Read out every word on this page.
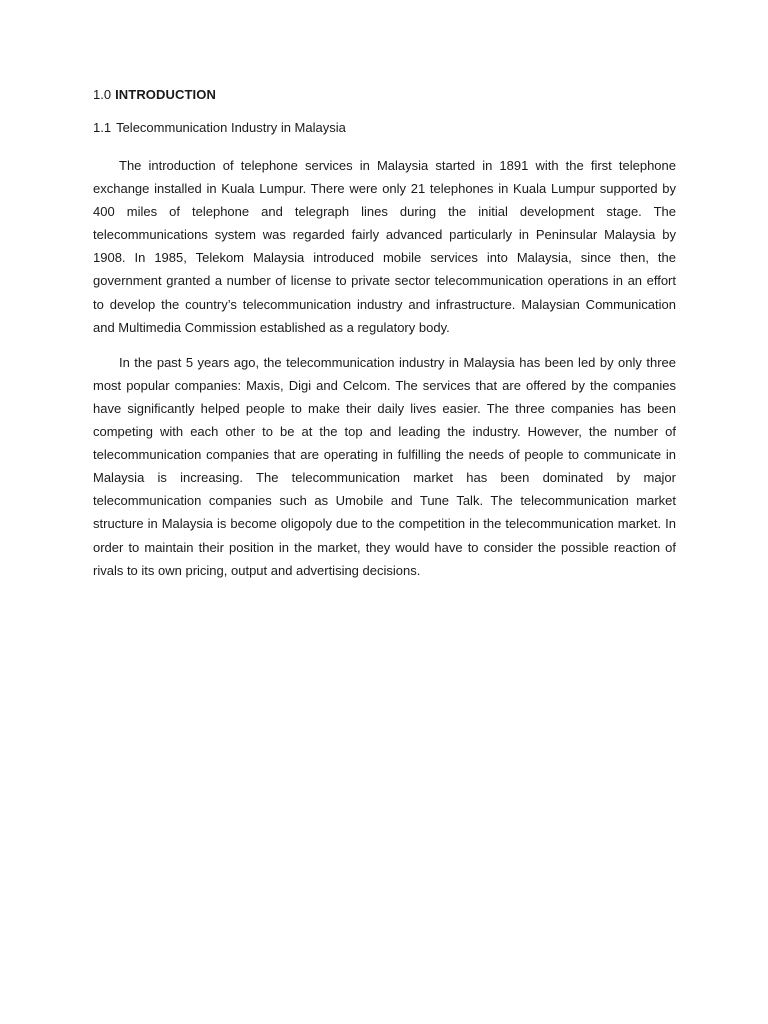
1.0 INTRODUCTION
1.1 Telecommunication Industry in Malaysia

The introduction of telephone services in Malaysia started in 1891 with the first telephone exchange installed in Kuala Lumpur. There were only 21 telephones in Kuala Lumpur supported by 400 miles of telephone and telegraph lines during the initial development stage. The telecommunications system was regarded fairly advanced particularly in Peninsular Malaysia by 1908. In 1985, Telekom Malaysia introduced mobile services into Malaysia, since then, the government granted a number of license to private sector telecommunication operations in an effort to develop the country’s telecommunication industry and infrastructure. Malaysian Communication and Multimedia Commission established as a regulatory body.

In the past 5 years ago, the telecommunication industry in Malaysia has been led by only three most popular companies: Maxis, Digi and Celcom. The services that are offered by the companies have significantly helped people to make their daily lives easier. The three companies has been competing with each other to be at the top and leading the industry. However, the number of telecommunication companies that are operating in fulfilling the needs of people to communicate in Malaysia is increasing. The telecommunication market has been dominated by major telecommunication companies such as Umobile and Tune Talk. The telecommunication market structure in Malaysia is become oligopoly due to the competition in the telecommunication market. In order to maintain their position in the market, they would have to consider the possible reaction of rivals to its own pricing, output and advertising decisions.
